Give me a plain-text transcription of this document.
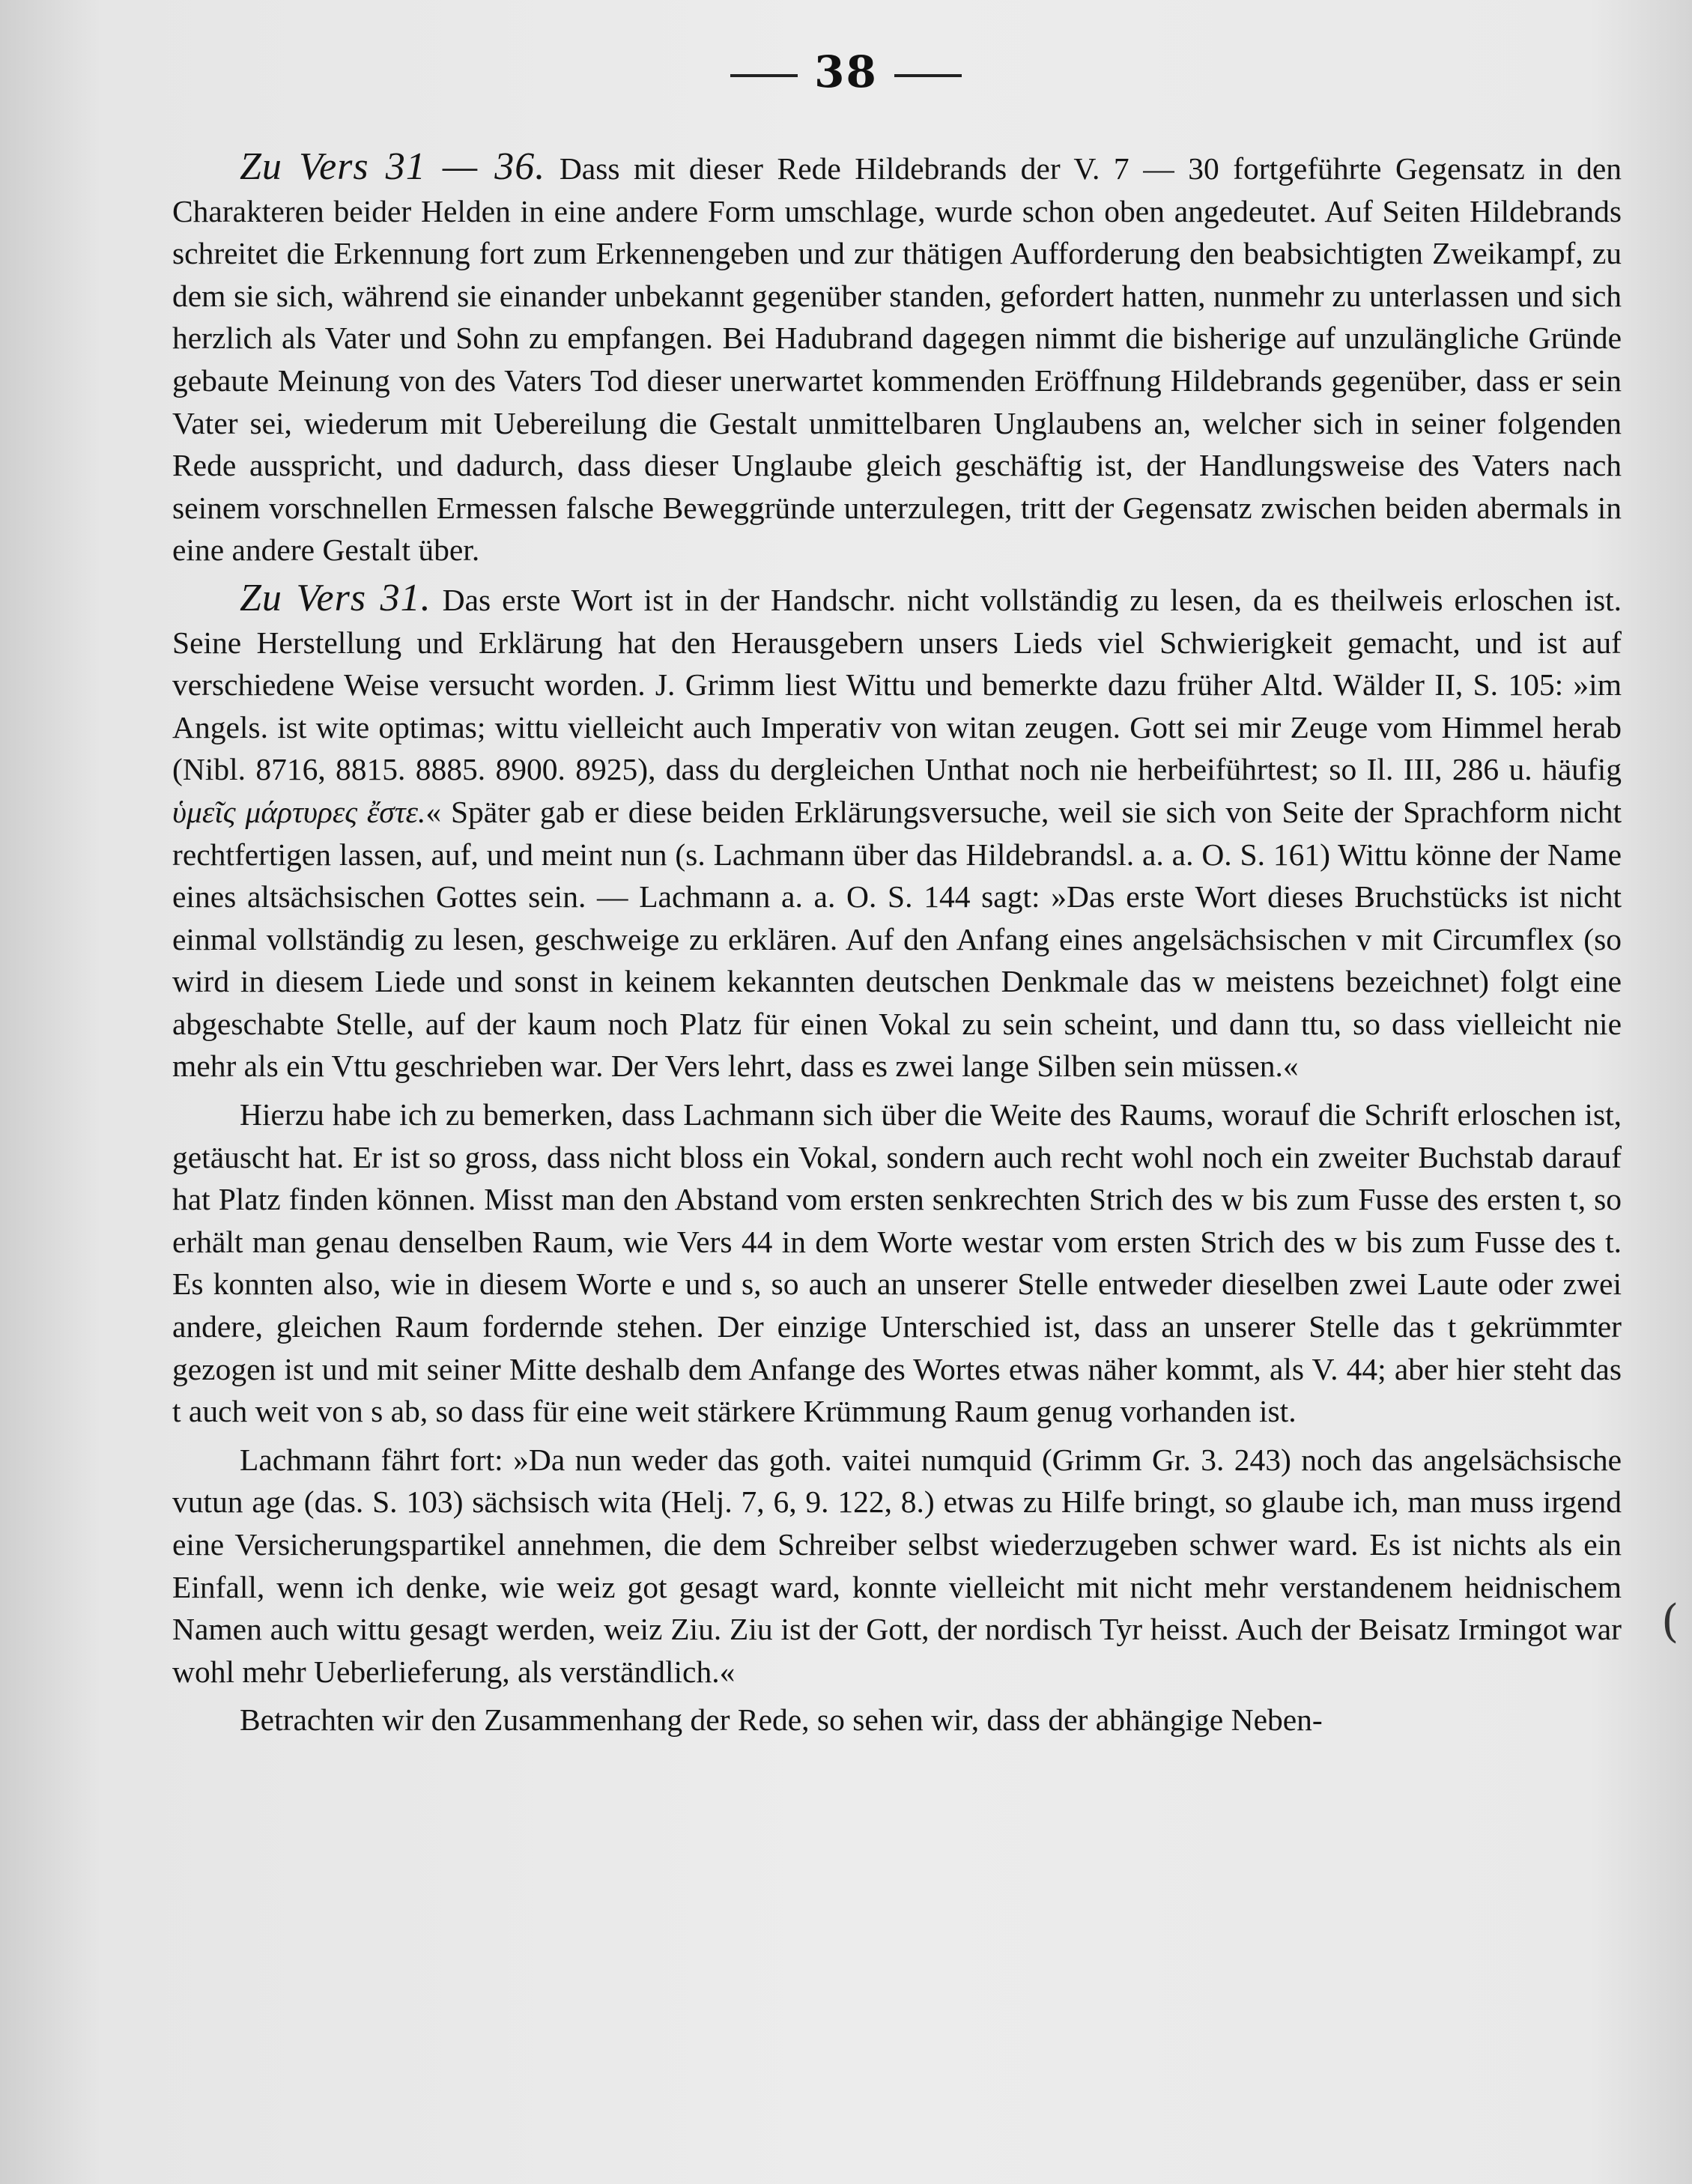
38

Zu Vers 31 — 36. Dass mit dieser Rede Hildebrands der V. 7 — 30 fortgeführte Gegensatz in den Charakteren beider Helden in eine andere Form umschlage, wurde schon oben angedeutet. Auf Seiten Hildebrands schreitet die Erkennung fort zum Erkennengeben und zur thätigen Aufforderung den beabsichtigten Zweikampf, zu dem sie sich, während sie einander unbekannt gegenüber standen, gefordert hatten, nunmehr zu unterlassen und sich herzlich als Vater und Sohn zu empfangen. Bei Hadubrand dagegen nimmt die bisherige auf unzulängliche Gründe gebaute Meinung von des Vaters Tod dieser unerwartet kommenden Eröffnung Hildebrands gegenüber, dass er sein Vater sei, wiederum mit Uebereilung die Gestalt unmittelbaren Unglaubens an, welcher sich in seiner folgenden Rede ausspricht, und dadurch, dass dieser Unglaube gleich geschäftig ist, der Handlungsweise des Vaters nach seinem vorschnellen Ermessen falsche Beweggründe unterzulegen, tritt der Gegensatz zwischen beiden abermals in eine andere Gestalt über.

Zu Vers 31. Das erste Wort ist in der Handschr. nicht vollständig zu lesen, da es theilweis erloschen ist. Seine Herstellung und Erklärung hat den Herausgebern unsers Lieds viel Schwierigkeit gemacht, und ist auf verschiedene Weise versucht worden. J. Grimm liest Wittu und bemerkte dazu früher Altd. Wälder II, S. 105: »im Angels. ist wite optimas; wittu vielleicht auch Imperativ von witan zeugen. Gott sei mir Zeuge vom Himmel herab (Nibl. 8716, 8815. 8885. 8900. 8925), dass du dergleichen Unthat noch nie herbeiführtest; so Il. III, 286 u. häufig ὑμεῖς μάρτυρες ἔστε.« Später gab er diese beiden Erklärungsversuche, weil sie sich von Seite der Sprachform nicht rechtfertigen lassen, auf, und meint nun (s. Lachmann über das Hildebrandsl. a. a. O. S. 161) Wittu könne der Name eines altsächsischen Gottes sein. — Lachmann a. a. O. S. 144 sagt: »Das erste Wort dieses Bruchstücks ist nicht einmal vollständig zu lesen, geschweige zu erklären. Auf den Anfang eines angelsächsischen v mit Circumflex (so wird in diesem Liede und sonst in keinem kekannten deutschen Denkmale das w meistens bezeichnet) folgt eine abgeschabte Stelle, auf der kaum noch Platz für einen Vokal zu sein scheint, und dann ttu, so dass vielleicht nie mehr als ein Vttu geschrieben war. Der Vers lehrt, dass es zwei lange Silben sein müssen.«

Hierzu habe ich zu bemerken, dass Lachmann sich über die Weite des Raums, worauf die Schrift erloschen ist, getäuscht hat. Er ist so gross, dass nicht bloss ein Vokal, sondern auch recht wohl noch ein zweiter Buchstab darauf hat Platz finden können. Misst man den Abstand vom ersten senkrechten Strich des w bis zum Fusse des ersten t, so erhält man genau denselben Raum, wie Vers 44 in dem Worte westar vom ersten Strich des w bis zum Fusse des t. Es konnten also, wie in diesem Worte e und s, so auch an unserer Stelle entweder dieselben zwei Laute oder zwei andere, gleichen Raum fordernde stehen. Der einzige Unterschied ist, dass an unserer Stelle das t gekrümmter gezogen ist und mit seiner Mitte deshalb dem Anfange des Wortes etwas näher kommt, als V. 44; aber hier steht das t auch weit von s ab, so dass für eine weit stärkere Krümmung Raum genug vorhanden ist.

Lachmann fährt fort: »Da nun weder das goth. vaitei numquid (Grimm Gr. 3. 243) noch das angelsächsische vutun age (das. S. 103) sächsisch wita (Helj. 7, 6, 9. 122, 8.) etwas zu Hilfe bringt, so glaube ich, man muss irgend eine Versicherungspartikel annehmen, die dem Schreiber selbst wiederzugeben schwer ward. Es ist nichts als ein Einfall, wenn ich denke, wie weiz got gesagt ward, konnte vielleicht mit nicht mehr verstandenem heidnischem Namen auch wittu gesagt werden, weiz Ziu. Ziu ist der Gott, der nordisch Tyr heisst. Auch der Beisatz Irmingot war wohl mehr Ueberlieferung, als verständlich.«

Betrachten wir den Zusammenhang der Rede, so sehen wir, dass der abhängige Neben-

(
